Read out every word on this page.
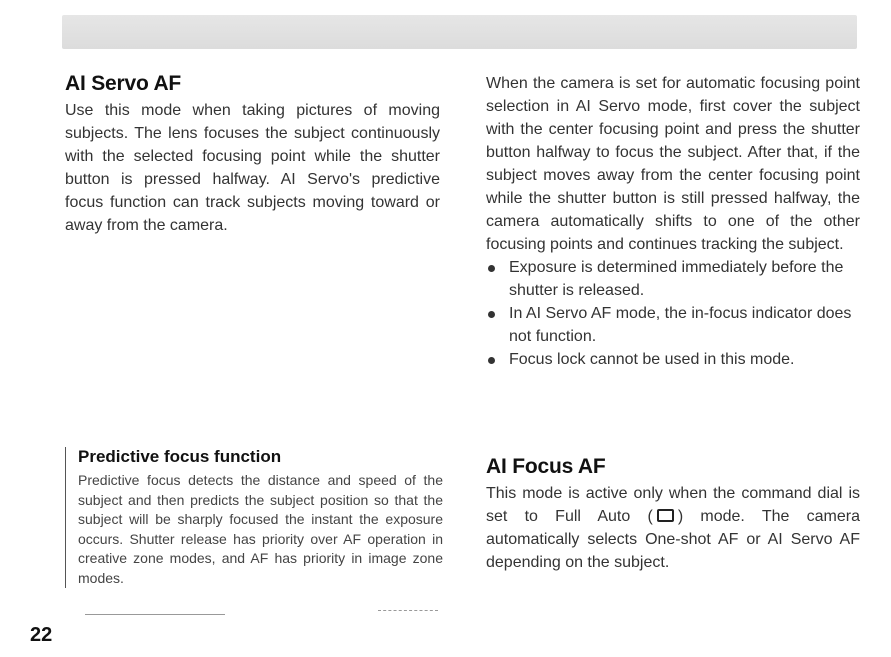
AI Servo AF

Use this mode when taking pictures of moving subjects. The lens focuses the subject continuously with the selected focusing point while the shutter button is pressed halfway. AI Servo's predictive focus function can track subjects moving toward or away from the camera.

When the camera is set for automatic focusing point selection in AI Servo mode, first cover the subject with the center focusing point and press the shutter button halfway to focus the subject. After that, if the subject moves away from the center focusing point while the shutter button is still pressed halfway, the camera automatically shifts to one of the other focusing points and continues tracking the subject.

Exposure is determined immediately before the shutter is released.
In AI Servo AF mode, the in-focus indicator does not function.
Focus lock cannot be used in this mode.
Predictive focus function

Predictive focus detects the distance and speed of the subject and then predicts the subject position so that the subject will be sharply focused the instant the exposure occurs. Shutter release has priority over AF operation in creative zone modes, and AF has priority in image zone modes.

AI Focus AF

This mode is active only when the command dial is set to Full Auto ( ) mode. The camera automatically selects One-shot AF or AI Servo AF depending on the subject.

22
